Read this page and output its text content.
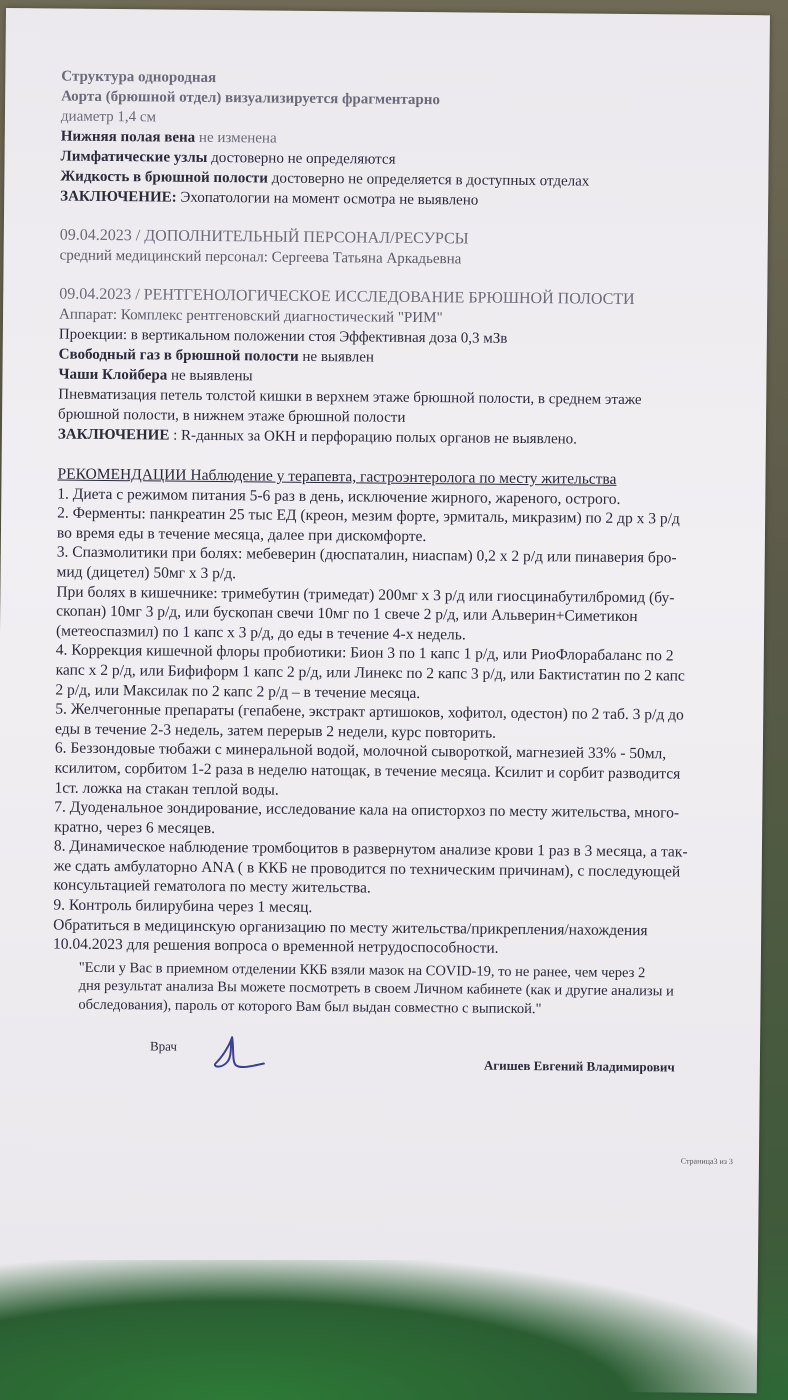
Структура однородная
Аорта (брюшной отдел) визуализируется фрагментарно
диаметр 1,4 см
Нижняя полая вена не изменена
Лимфатические узлы достоверно не определяются
Жидкость в брюшной полости достоверно не определяется в доступных отделах
ЗАКЛЮЧЕНИЕ: Эхопатологии на момент осмотра не выявлено
09.04.2023 / ДОПОЛНИТЕЛЬНЫЙ ПЕРСОНАЛ/РЕСУРСЫ
средний медицинский персонал: Сергеева Татьяна Аркадьевна
09.04.2023 / РЕНТГЕНОЛОГИЧЕСКОЕ ИССЛЕДОВАНИЕ БРЮШНОЙ ПОЛОСТИ
Аппарат: Комплекс рентгеновский диагностический "РИМ"
Проекции: в вертикальном положении стоя Эффективная доза 0,3 мЗв
Свободный газ в брюшной полости не выявлен
Чаши Клойбера не выявлены
Пневматизация петель толстой кишки в верхнем этаже брюшной полости, в среднем этаже
брюшной полости, в нижнем этаже брюшной полости
ЗАКЛЮЧЕНИЕ : R-данных за ОКН и перфорацию полых органов не выявлено.
РЕКОМЕНДАЦИИ Наблюдение у терапевта, гастроэнтеролога по месту жительства
1. Диета с режимом питания 5-6 раз в день, исключение жирного, жареного, острого.
2. Ферменты: панкреатин 25 тыс ЕД (креон, мезим форте, эрмиталь, микразим) по 2 др х 3 р/д
во время еды в течение месяца, далее при дискомфорте.
3. Спазмолитики при болях: мебеверин (дюспаталин, ниаспам) 0,2 х 2 р/д или пинаверия бро-
мид (дицетел) 50мг х 3 р/д.
При болях в кишечнике: тримебутин (тримедат) 200мг х 3 р/д или гиосцинабутилбромид (бу-
скопан) 10мг 3 р/д, или бускопан свечи 10мг по 1 свече 2 р/д, или Альверин+Симетикон
(метеоспазмил) по 1 капс х 3 р/д, до еды в течение 4-х недель.
4. Коррекция кишечной флоры пробиотики: Бион 3 по 1 капс 1 р/д, или РиоФлорабаланс по 2
капс х 2 р/д, или Бифиформ 1 капс 2 р/д, или Линекс по 2 капс 3 р/д, или Бактистатин по 2 капс
2 р/д, или Максилак по 2 капс 2 р/д – в течение месяца.
5. Желчегонные препараты (гепабене, экстракт артишоков, хофитол, одестон) по 2 таб. 3 р/д до
еды в течение 2-3 недель, затем перерыв 2 недели, курс повторить.
6. Беззондовые тюбажи с минеральной водой, молочной сывороткой, магнезией 33% - 50мл,
ксилитом, сорбитом 1-2 раза в неделю натощак, в течение месяца. Ксилит и сорбит разводится
1ст. ложка на стакан теплой воды.
7. Дуоденальное зондирование, исследование кала на описторхоз по месту жительства, много-
кратно, через 6 месяцев.
8. Динамическое наблюдение тромбоцитов в развернутом анализе крови 1 раз в 3 месяца, а так-
же сдать амбулаторно ANA ( в ККБ не проводится по техническим причинам), с последующей
консультацией гематолога по месту жительства.
9. Контроль билирубина через 1 месяц.
Обратиться в медицинскую организацию по месту жительства/прикрепления/нахождения
10.04.2023 для решения вопроса о временной нетрудоспособности.
"Если у Вас в приемном отделении ККБ взяли мазок на COVID-19, то не ранее, чем через 2
дня результат анализа Вы можете посмотреть в своем Личном кабинете (как и другие анализы и
обследования), пароль от которого Вам был выдан совместно с выпиской."
Врач
Агишев Евгений Владимирович
Страница3 из 3
